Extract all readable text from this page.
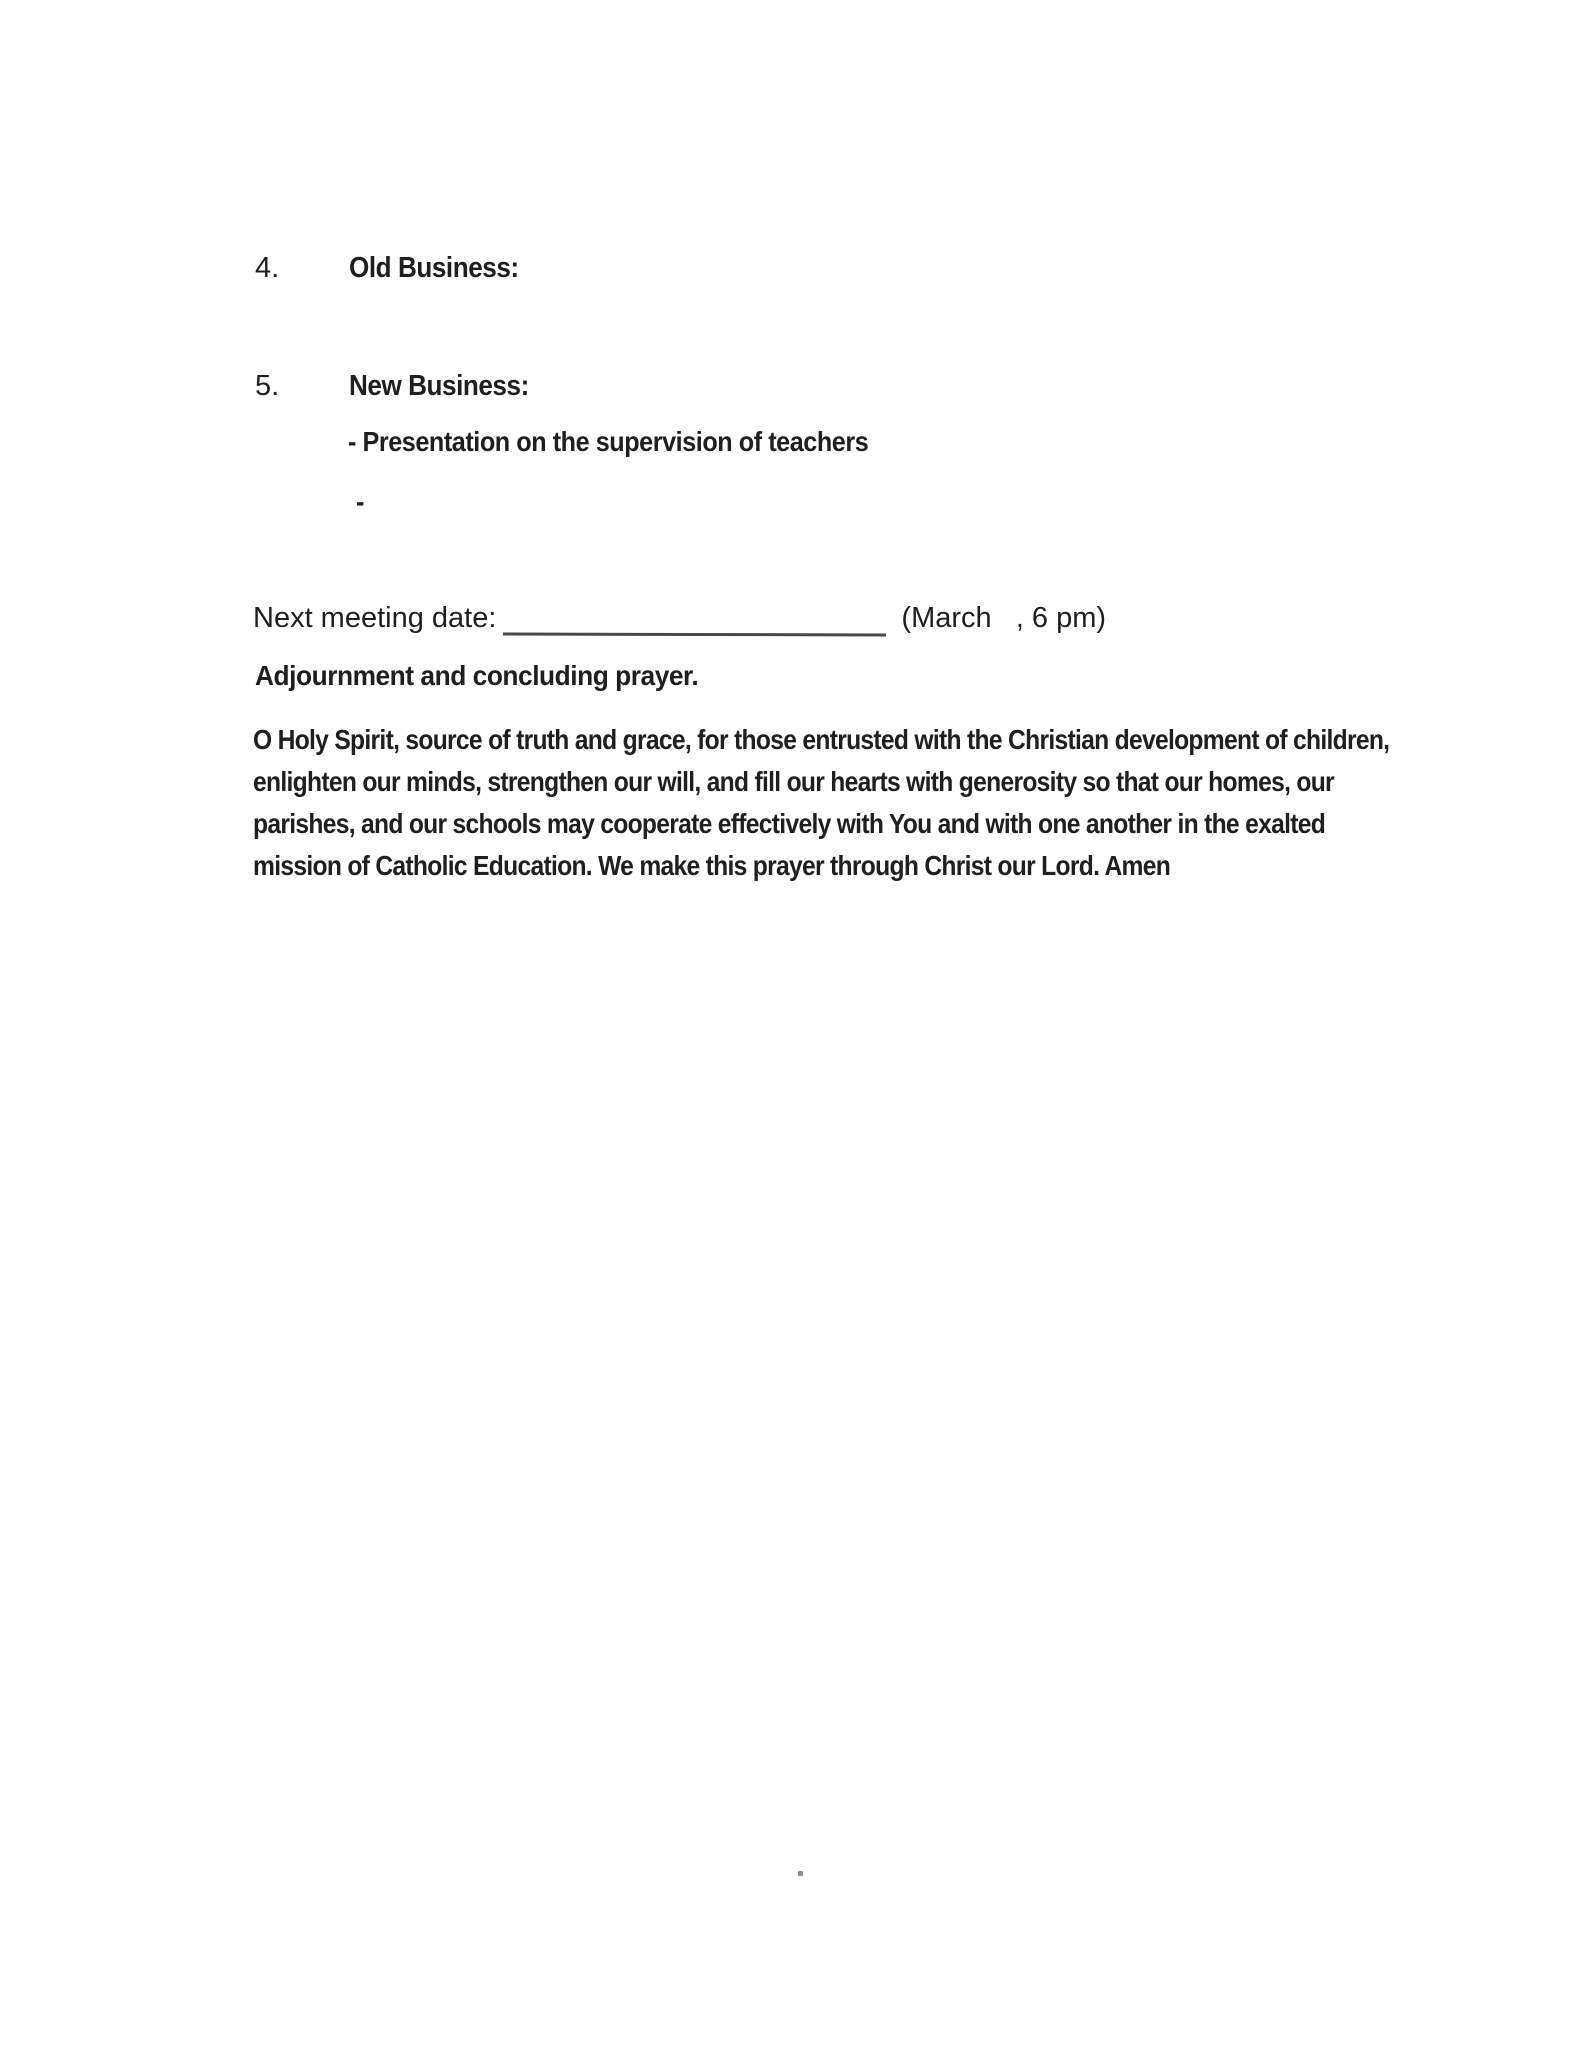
4.	Old Business:
5.	New Business:
- Presentation on the supervision of teachers
-
Next meeting date:	(March   , 6 pm)
Adjournment and concluding prayer.
O Holy Spirit, source of truth and grace, for those entrusted with the Christian development of children,
enlighten our minds, strengthen our will, and fill our hearts with generosity so that our homes, our
parishes, and our schools may cooperate effectively with You and with one another in the exalted
mission of Catholic Education. We make this prayer through Christ our Lord. Amen
